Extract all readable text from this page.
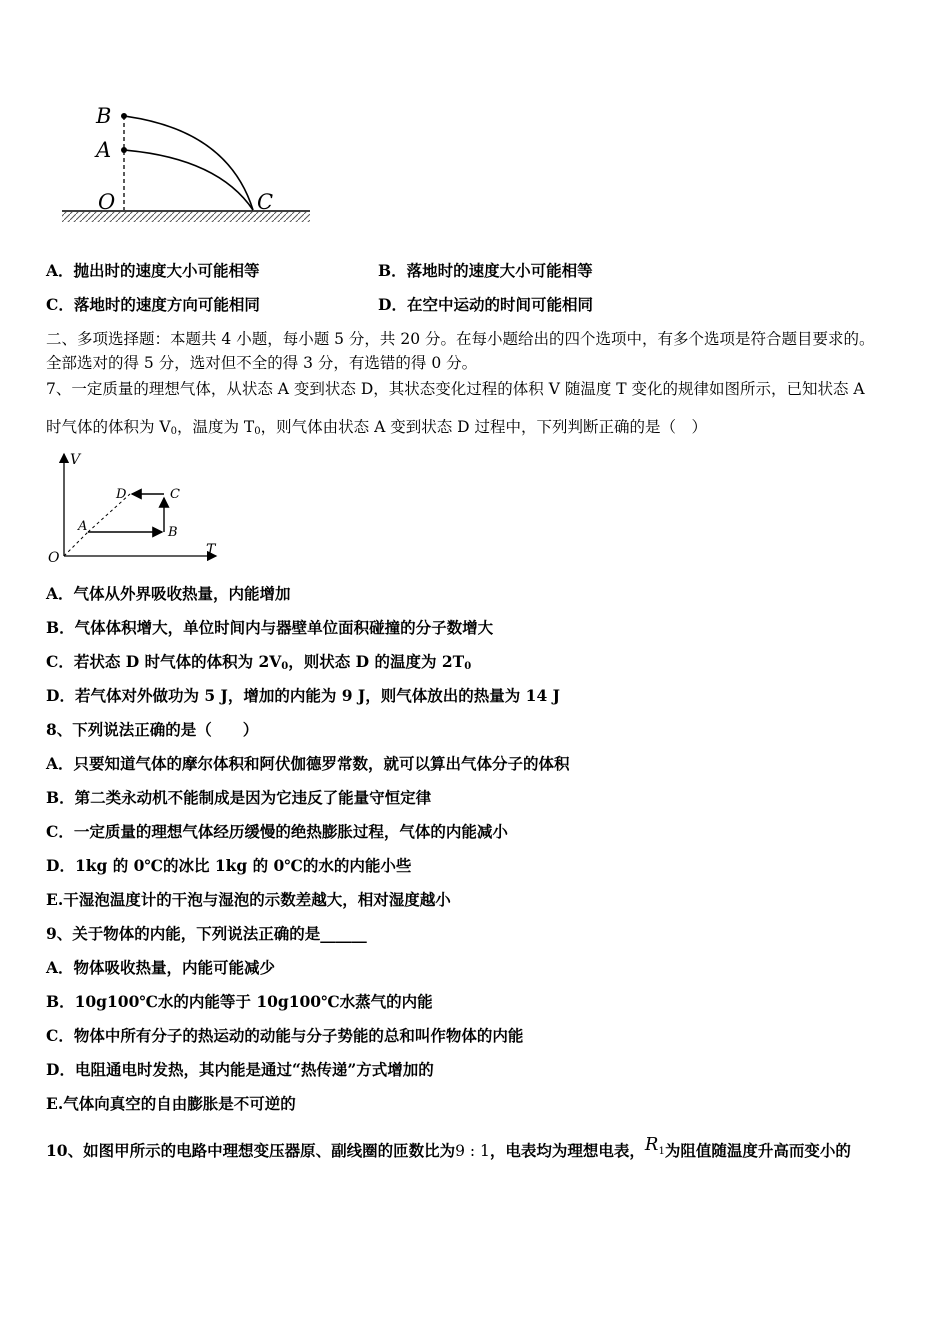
B
A
O	C
A．抛出时的速度大小可能相等	B．落地时的速度大小可能相等
C．落地时的速度方向可能相同	D．在空中运动的时间可能相同
二、多项选择题：本题共 4 小题，每小题 5 分，共 20 分。在每小题给出的四个选项中，有多个选项是符合题目要求的。
全部选对的得 5 分，选对但不全的得 3 分，有选错的得 0 分。
7、一定质量的理想气体，从状态 A 变到状态 D，其状态变化过程的体积 V 随温度 T 变化的规律如图所示，已知状态 A
时气体的体积为 $V_0$，温度为 $T_0$，则气体由状态 A 变到状态 D 过程中，下列判断正确的是（　）
V
T
O
A	B
C
D
A．气体从外界吸收热量，内能增加
B．气体体积增大，单位时间内与器壁单位面积碰撞的分子数增大
C．若状态 D 时气体的体积为 $2V_0$，则状态 D 的温度为 $2T_0$
D．若气体对外做功为 5 J，增加的内能为 9 J，则气体放出的热量为 14 J
8、下列说法正确的是（　　）
A．只要知道气体的摩尔体积和阿伏伽德罗常数，就可以算出气体分子的体积
B．第二类永动机不能制成是因为它违反了能量守恒定律
C．一定质量的理想气体经历缓慢的绝热膨胀过程，气体的内能减小
D．1kg 的 0℃的冰比 1kg 的 0℃的水的内能小些
E.干湿泡温度计的干泡与湿泡的示数差越大，相对湿度越小
9、关于物体的内能，下列说法正确的是______
A．物体吸收热量，内能可能减少
B．10g100℃水的内能等于 10g100℃水蒸气的内能
C．物体中所有分子的热运动的动能与分子势能的总和叫作物体的内能
D．电阻通电时发热，其内能是通过“热传递”方式增加的
E.气体向真空的自由膨胀是不可逆的
10、如图甲所示的电路中理想变压器原、副线圈的匝数比为9 : 1，电表均为理想电表，$R_1$为阻值随温度升高而变小的
